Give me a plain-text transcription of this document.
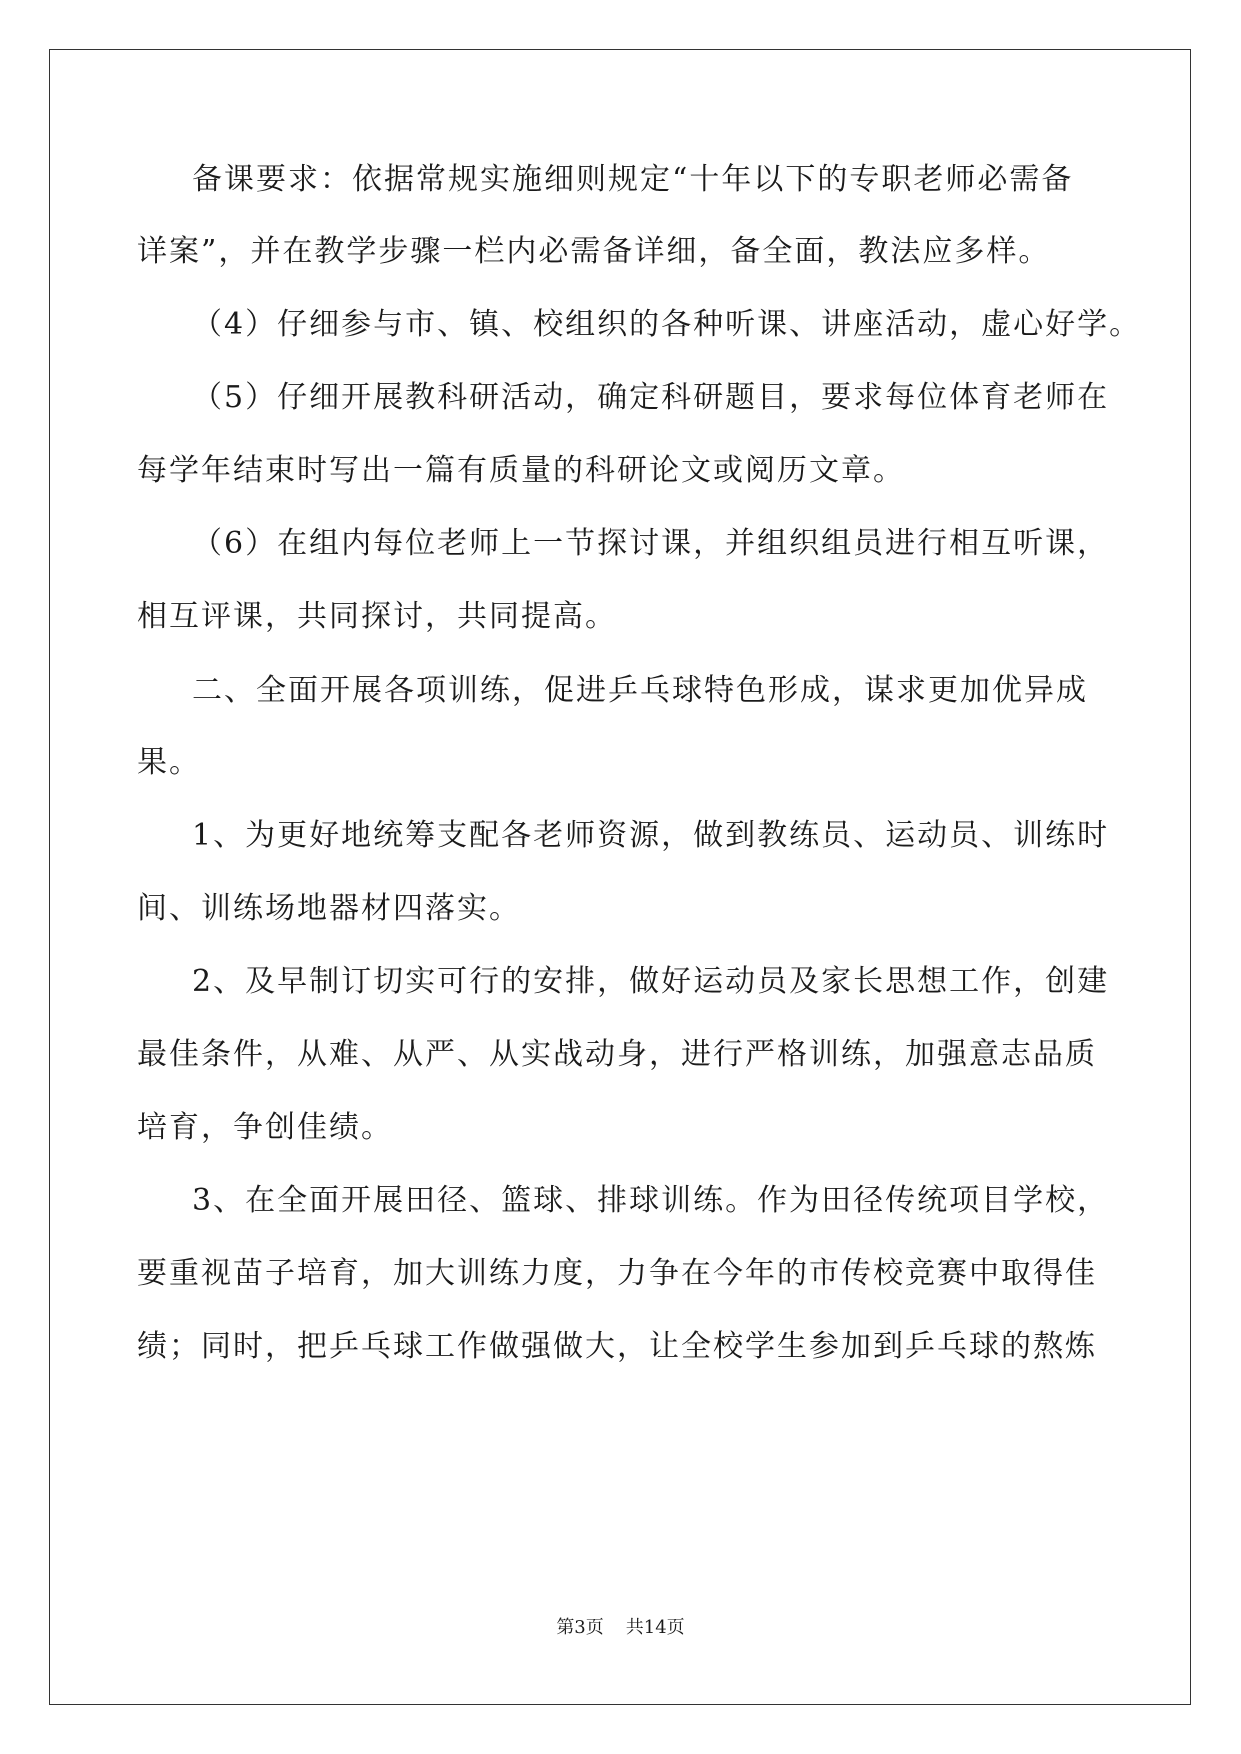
备课要求：依据常规实施细则规定“十年以下的专职老师必需备
详案”，并在教学步骤一栏内必需备详细，备全面，教法应多样。
（4）仔细参与市、镇、校组织的各种听课、讲座活动，虚心好学。
（5）仔细开展教科研活动，确定科研题目，要求每位体育老师在
每学年结束时写出一篇有质量的科研论文或阅历文章。
（6）在组内每位老师上一节探讨课，并组织组员进行相互听课，
相互评课，共同探讨，共同提高。
二、全面开展各项训练，促进乒乓球特色形成，谋求更加优异成
果。
1、为更好地统筹支配各老师资源，做到教练员、运动员、训练时
间、训练场地器材四落实。
2、及早制订切实可行的安排，做好运动员及家长思想工作，创建
最佳条件，从难、从严、从实战动身，进行严格训练，加强意志品质
培育，争创佳绩。
3、在全面开展田径、篮球、排球训练。作为田径传统项目学校，
要重视苗子培育，加大训练力度，力争在今年的市传校竞赛中取得佳
绩；同时，把乒乓球工作做强做大，让全校学生参加到乒乓球的熬炼
第3页 共14页
